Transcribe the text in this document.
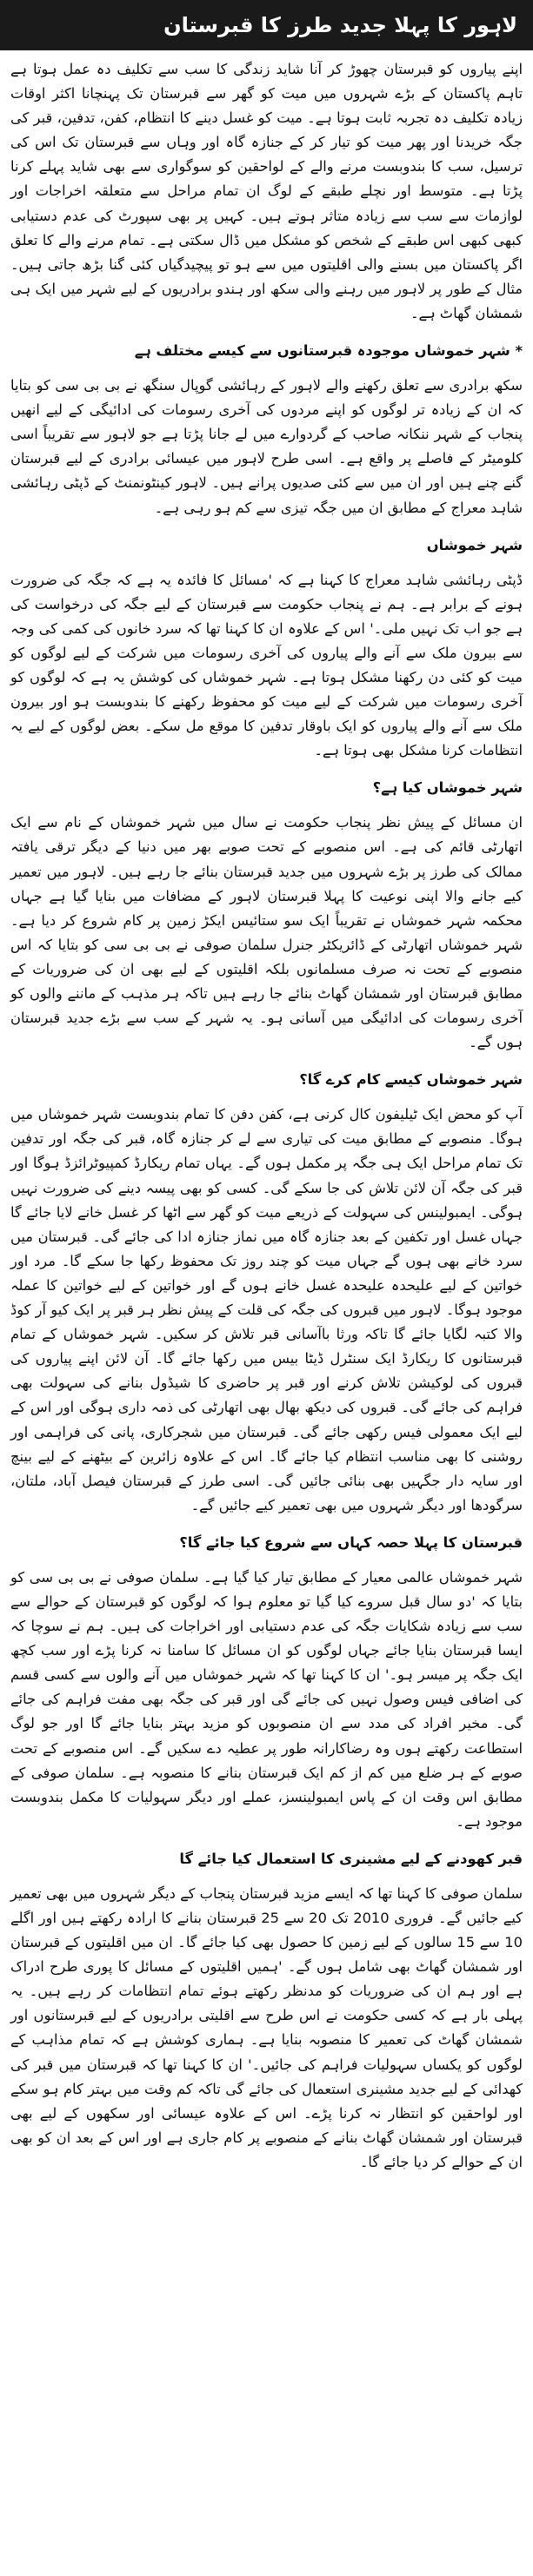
لاہور کا پہلا جدید طرز کا قبرستان

اپنے پیاروں کو قبرستان چھوڑ کر آنا شاید زندگی کا سب سے تکلیف دہ عمل ہوتا ہے تاہم پاکستان کے بڑے شہروں میں میت کو گھر سے قبرستان تک پہنچانا اکثر اوقات زیادہ تکلیف دہ تجربہ ثابت ہوتا ہے۔ میت کو غسل دینے کا انتظام، کفن، تدفین، قبر کی جگہ خریدنا اور پھر میت کو تیار کر کے جنازہ گاہ اور وہاں سے قبرستان تک اس کی ترسیل، سب کا بندوبست مرنے والے کے لواحقین کو سوگواری سے بھی شاید پہلے کرنا پڑتا ہے۔ متوسط اور نچلے طبقے کے لوگ ان تمام مراحل سے متعلقہ اخراجات اور لوازمات سے سب سے زیادہ متاثر ہوتے ہیں۔ کہیں پر بھی سپورٹ کی عدم دستیابی کبھی کبھی اس طبقے کے شخص کو مشکل میں ڈال سکتی ہے۔ تمام مرنے والے کا تعلق اگر پاکستان میں بسنے والی اقلیتوں میں سے ہو تو پیچیدگیاں کئی گنا بڑھ جاتی ہیں۔ مثال کے طور پر لاہور میں رہنے والی سکھ اور ہندو برادریوں کے لیے شہر میں ایک ہی شمشان گھاٹ ہے۔

* شہر خموشاں موجودہ قبرستانوں سے کیسے مختلف ہے

سکھ برادری سے تعلق رکھنے والے لاہور کے رہائشی گوپال سنگھ نے بی بی سی کو بتایا کہ ان کے زیادہ تر لوگوں کو اپنے مردوں کی آخری رسومات کی ادائیگی کے لیے انھیں پنجاب کے شہر ننکانہ صاحب کے گردوارے میں لے جانا پڑتا ہے جو لاہور سے تقریباً اسی کلومیٹر کے فاصلے پر واقع ہے۔ اسی طرح لاہور میں عیسائی برادری کے لیے قبرستان گنے چنے ہیں اور ان میں سے کئی صدیوں پرانے ہیں۔ لاہور کینٹونمنٹ کے ڈپٹی رہائشی شاہد معراج کے مطابق ان میں جگہ تیزی سے کم ہو رہی ہے۔

شہر خموشاں

ڈپٹی رہائشی شاہد معراج کا کہنا ہے کہ 'مسائل کا فائدہ یہ ہے کہ جگہ کی ضرورت ہونے کے برابر ہے۔ ہم نے پنجاب حکومت سے قبرستان کے لیے جگہ کی درخواست کی ہے جو اب تک نہیں ملی۔' اس کے علاوہ ان کا کہنا تھا کہ سرد خانوں کی کمی کی وجہ سے بیرون ملک سے آنے والے پیاروں کی آخری رسومات میں شرکت کے لیے لوگوں کو میت کو کئی دن رکھنا مشکل ہوتا ہے۔ شہر خموشاں کی کوشش یہ ہے کہ لوگوں کو آخری رسومات میں شرکت کے لیے میت کو محفوظ رکھنے کا بندوبست ہو اور بیرون ملک سے آنے والے پیاروں کو ایک باوقار تدفین کا موقع مل سکے۔ بعض لوگوں کے لیے یہ انتظامات کرنا مشکل بھی ہوتا ہے۔

شہر خموشاں کیا ہے؟

ان مسائل کے پیش نظر پنجاب حکومت نے سال میں شہر خموشاں کے نام سے ایک اتھارٹی قائم کی ہے۔ اس منصوبے کے تحت صوبے بھر میں دنیا کے دیگر ترقی یافتہ ممالک کی طرز پر بڑے شہروں میں جدید قبرستان بنائے جا رہے ہیں۔ لاہور میں تعمیر کیے جانے والا اپنی نوعیت کا پہلا قبرستان لاہور کے مضافات میں بنایا گیا ہے جہاں محکمہ شہر خموشاں نے تقریباً ایک سو ستائیس ایکڑ زمین پر کام شروع کر دیا ہے۔ شہر خموشاں اتھارٹی کے ڈائریکٹر جنرل سلمان صوفی نے بی بی سی کو بتایا کہ اس منصوبے کے تحت نہ صرف مسلمانوں بلکہ اقلیتوں کے لیے بھی ان کی ضروریات کے مطابق قبرستان اور شمشان گھاٹ بنائے جا رہے ہیں تاکہ ہر مذہب کے ماننے والوں کو آخری رسومات کی ادائیگی میں آسانی ہو۔ یہ شہر کے سب سے بڑے جدید قبرستان ہوں گے۔

شہر خموشاں کیسے کام کرے گا؟

آپ کو محض ایک ٹیلیفون کال کرنی ہے، کفن دفن کا تمام بندوبست شہر خموشاں میں ہوگا۔ منصوبے کے مطابق میت کی تیاری سے لے کر جنازہ گاہ، قبر کی جگہ اور تدفین تک تمام مراحل ایک ہی جگہ پر مکمل ہوں گے۔ یہاں تمام ریکارڈ کمپیوٹرائزڈ ہوگا اور قبر کی جگہ آن لائن تلاش کی جا سکے گی۔ کسی کو بھی پیسہ دینے کی ضرورت نہیں ہوگی۔ ایمبولینس کی سہولت کے ذریعے میت کو گھر سے اٹھا کر غسل خانے لایا جائے گا جہاں غسل اور تکفین کے بعد جنازہ گاہ میں نماز جنازہ ادا کی جائے گی۔ قبرستان میں سرد خانے بھی ہوں گے جہاں میت کو چند روز تک محفوظ رکھا جا سکے گا۔ مرد اور خواتین کے لیے علیحدہ علیحدہ غسل خانے ہوں گے اور خواتین کے لیے خواتین کا عملہ موجود ہوگا۔ لاہور میں قبروں کی جگہ کی قلت کے پیش نظر ہر قبر پر ایک کیو آر کوڈ والا کتبہ لگایا جائے گا تاکہ ورثا باآسانی قبر تلاش کر سکیں۔ شہر خموشاں کے تمام قبرستانوں کا ریکارڈ ایک سنٹرل ڈیٹا بیس میں رکھا جائے گا۔ آن لائن اپنے پیاروں کی قبروں کی لوکیشن تلاش کرنے اور قبر پر حاضری کا شیڈول بنانے کی سہولت بھی فراہم کی جائے گی۔ قبروں کی دیکھ بھال بھی اتھارٹی کی ذمہ داری ہوگی اور اس کے لیے ایک معمولی فیس رکھی جائے گی۔ قبرستان میں شجرکاری، پانی کی فراہمی اور روشنی کا بھی مناسب انتظام کیا جائے گا۔ اس کے علاوہ زائرین کے بیٹھنے کے لیے بینچ اور سایہ دار جگہیں بھی بنائی جائیں گی۔ اسی طرز کے قبرستان فیصل آباد، ملتان، سرگودھا اور دیگر شہروں میں بھی تعمیر کیے جائیں گے۔

قبرستان کا پہلا حصہ کہاں سے شروع کیا جائے گا؟

شہر خموشاں عالمی معیار کے مطابق تیار کیا گیا ہے۔ سلمان صوفی نے بی بی سی کو بتایا کہ 'دو سال قبل سروے کیا گیا تو معلوم ہوا کہ لوگوں کو قبرستان کے حوالے سے سب سے زیادہ شکایات جگہ کی عدم دستیابی اور اخراجات کی ہیں۔ ہم نے سوچا کہ ایسا قبرستان بنایا جائے جہاں لوگوں کو ان مسائل کا سامنا نہ کرنا پڑے اور سب کچھ ایک جگہ پر میسر ہو۔' ان کا کہنا تھا کہ شہر خموشاں میں آنے والوں سے کسی قسم کی اضافی فیس وصول نہیں کی جائے گی اور قبر کی جگہ بھی مفت فراہم کی جائے گی۔ مخیر افراد کی مدد سے ان منصوبوں کو مزید بہتر بنایا جائے گا اور جو لوگ استطاعت رکھتے ہوں وہ رضاکارانہ طور پر عطیہ دے سکیں گے۔ اس منصوبے کے تحت صوبے کے ہر ضلع میں کم از کم ایک قبرستان بنانے کا منصوبہ ہے۔ سلمان صوفی کے مطابق اس وقت ان کے پاس ایمبولینسز، عملے اور دیگر سہولیات کا مکمل بندوبست موجود ہے۔

قبر کھودنے کے لیے مشینری کا استعمال کیا جائے گا

سلمان صوفی کا کہنا تھا کہ ایسے مزید قبرستان پنجاب کے دیگر شہروں میں بھی تعمیر کیے جائیں گے۔ فروری 2010 تک 20 سے 25 قبرستان بنانے کا ارادہ رکھتے ہیں اور اگلے 10 سے 15 سالوں کے لیے زمین کا حصول بھی کیا جائے گا۔ ان میں اقلیتوں کے قبرستان اور شمشان گھاٹ بھی شامل ہوں گے۔ 'ہمیں اقلیتوں کے مسائل کا پوری طرح ادراک ہے اور ہم ان کی ضروریات کو مدنظر رکھتے ہوئے تمام انتظامات کر رہے ہیں۔ یہ پہلی بار ہے کہ کسی حکومت نے اس طرح سے اقلیتی برادریوں کے لیے قبرستانوں اور شمشان گھاٹ کی تعمیر کا منصوبہ بنایا ہے۔ ہماری کوشش ہے کہ تمام مذاہب کے لوگوں کو یکساں سہولیات فراہم کی جائیں۔' ان کا کہنا تھا کہ قبرستان میں قبر کی کھدائی کے لیے جدید مشینری استعمال کی جائے گی تاکہ کم وقت میں بہتر کام ہو سکے اور لواحقین کو انتظار نہ کرنا پڑے۔ اس کے علاوہ عیسائی اور سکھوں کے لیے بھی قبرستان اور شمشان گھاٹ بنانے کے منصوبے پر کام جاری ہے اور اس کے بعد ان کو بھی ان کے حوالے کر دیا جائے گا۔
